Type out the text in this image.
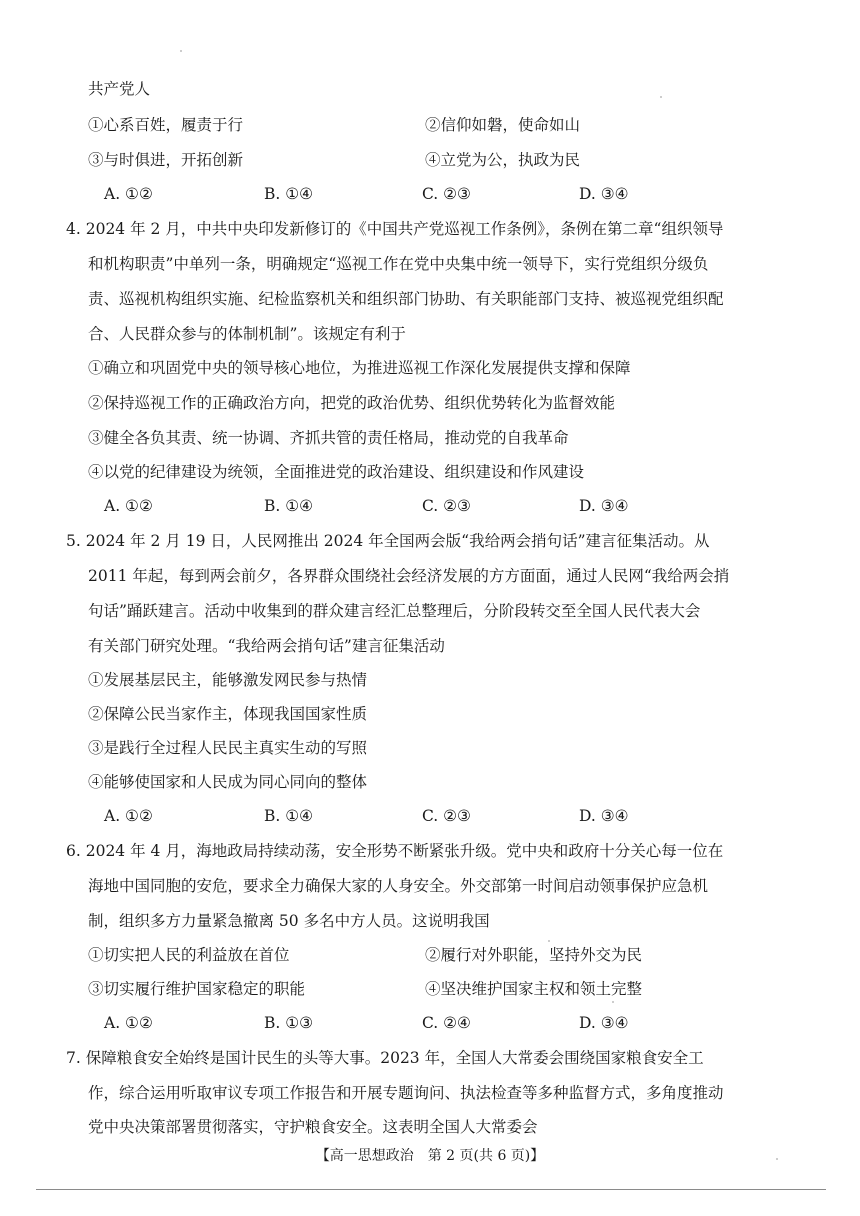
共产党人
①心系百姓，履责于行	②信仰如磐，使命如山
③与时俱进，开拓创新	④立党为公，执政为民
A. ①②	B. ①④	C. ②③	D. ③④
4. 2024 年 2 月，中共中央印发新修订的《中国共产党巡视工作条例》，条例在第二章“组织领导
和机构职责”中单列一条，明确规定“巡视工作在党中央集中统一领导下，实行党组织分级负
责、巡视机构组织实施、纪检监察机关和组织部门协助、有关职能部门支持、被巡视党组织配
合、人民群众参与的体制机制”。该规定有利于
①确立和巩固党中央的领导核心地位，为推进巡视工作深化发展提供支撑和保障
②保持巡视工作的正确政治方向，把党的政治优势、组织优势转化为监督效能
③健全各负其责、统一协调、齐抓共管的责任格局，推动党的自我革命
④以党的纪律建设为统领，全面推进党的政治建设、组织建设和作风建设
A. ①②	B. ①④	C. ②③	D. ③④
5. 2024 年 2 月 19 日，人民网推出 2024 年全国两会版“我给两会捎句话”建言征集活动。从
2011 年起，每到两会前夕，各界群众围绕社会经济发展的方方面面，通过人民网“我给两会捎
句话”踊跃建言。活动中收集到的群众建言经汇总整理后，分阶段转交至全国人民代表大会
有关部门研究处理。“我给两会捎句话”建言征集活动
①发展基层民主，能够激发网民参与热情
②保障公民当家作主，体现我国国家性质
③是践行全过程人民民主真实生动的写照
④能够使国家和人民成为同心同向的整体
A. ①②	B. ①④	C. ②③	D. ③④
6. 2024 年 4 月，海地政局持续动荡，安全形势不断紧张升级。党中央和政府十分关心每一位在
海地中国同胞的安危，要求全力确保大家的人身安全。外交部第一时间启动领事保护应急机
制，组织多方力量紧急撤离 50 多名中方人员。这说明我国
①切实把人民的利益放在首位	②履行对外职能，坚持外交为民
③切实履行维护国家稳定的职能	④坚决维护国家主权和领土完整
A. ①②	B. ①③	C. ②④	D. ③④
7. 保障粮食安全始终是国计民生的头等大事。2023 年，全国人大常委会围绕国家粮食安全工
作，综合运用听取审议专项工作报告和开展专题询问、执法检查等多种监督方式，多角度推动
党中央决策部署贯彻落实，守护粮食安全。这表明全国人大常委会
【高一思想政治　第 2 页(共 6 页)】
